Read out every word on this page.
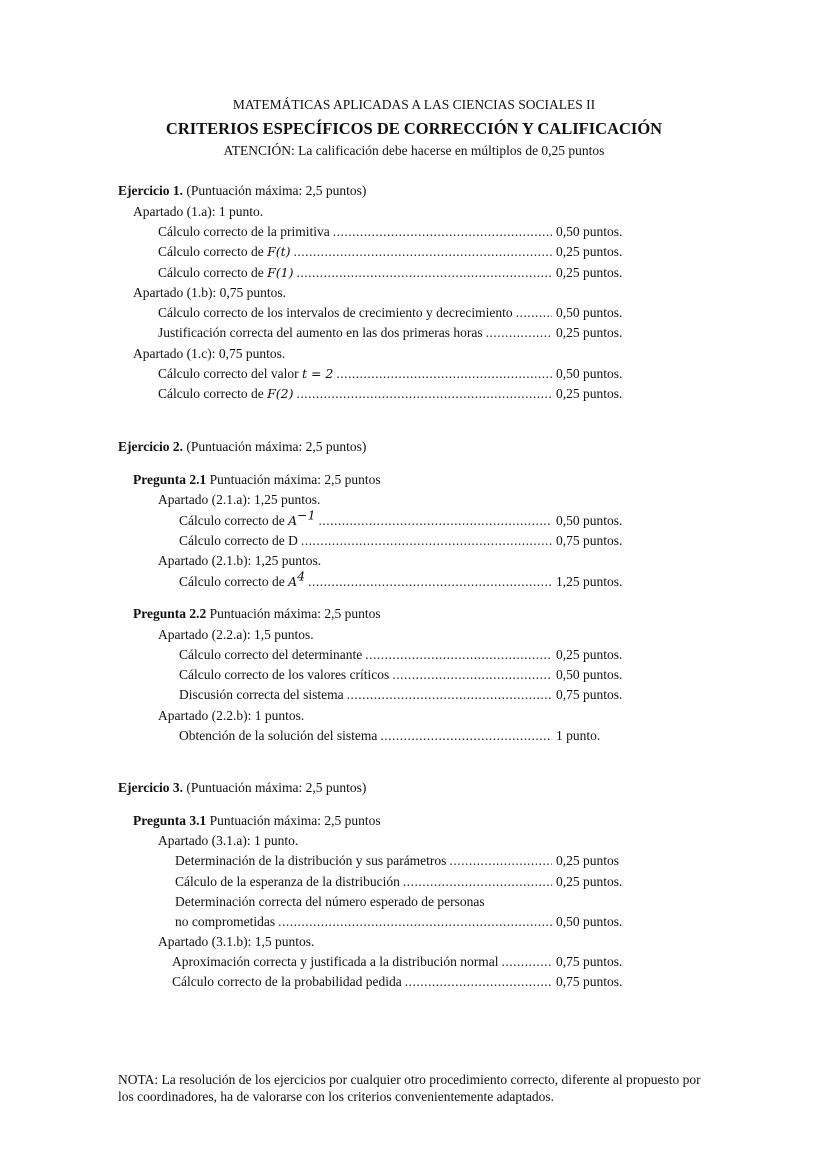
MATEMÁTICAS APLICADAS A LAS CIENCIAS SOCIALES II
CRITERIOS ESPECÍFICOS DE CORRECCIÓN Y CALIFICACIÓN
ATENCIÓN: La calificación debe hacerse en múltiplos de 0,25 puntos
Ejercicio 1. (Puntuación máxima: 2,5 puntos)
Apartado (1.a): 1 punto.
Cálculo correcto de la primitiva .....	0,50 puntos.
Cálculo correcto de F(t) .....	0,25 puntos.
Cálculo correcto de F(1) .....	0,25 puntos.
Apartado (1.b): 0,75 puntos.
Cálculo correcto de los intervalos de crecimiento y decrecimiento .....	0,50 puntos.
Justificación correcta del aumento en las dos primeras horas .....	0,25 puntos.
Apartado (1.c): 0,75 puntos.
Cálculo correcto del valor t = 2 .....	0,50 puntos.
Cálculo correcto de F(2) .....	0,25 puntos.
Ejercicio 2. (Puntuación máxima: 2,5 puntos)
Pregunta 2.1 Puntuación máxima: 2,5 puntos
Apartado (2.1.a): 1,25 puntos.
Cálculo correcto de $A^{-1}$ .....	0,50 puntos.
Cálculo correcto de D .....	0,75 puntos.
Apartado (2.1.b): 1,25 puntos.
Cálculo correcto de $A^4$ .....	1,25 puntos.
Pregunta 2.2 Puntuación máxima: 2,5 puntos
Apartado (2.2.a): 1,5 puntos.
Cálculo correcto del determinante .....	0,25 puntos.
Cálculo correcto de los valores críticos .....	0,50 puntos.
Discusión correcta del sistema .....	0,75 puntos.
Apartado (2.2.b): 1 puntos.
Obtención de la solución del sistema .....	1 punto.
Ejercicio 3. (Puntuación máxima: 2,5 puntos)
Pregunta 3.1 Puntuación máxima: 2,5 puntos
Apartado (3.1.a): 1 punto.
Determinación de la distribución y sus parámetros .....	0,25 puntos
Cálculo de la esperanza de la distribución .....	0,25 puntos.
Determinación correcta del número esperado de personas
no comprometidas .....	0,50 puntos.
Apartado (3.1.b): 1,5 puntos.
Aproximación correcta y justificada a la distribución normal .....	0,75 puntos.
Cálculo correcto de la probabilidad pedida .....	0,75 puntos.
NOTA: La resolución de los ejercicios por cualquier otro procedimiento correcto, diferente al propuesto por los coordinadores, ha de valorarse con los criterios convenientemente adaptados.
